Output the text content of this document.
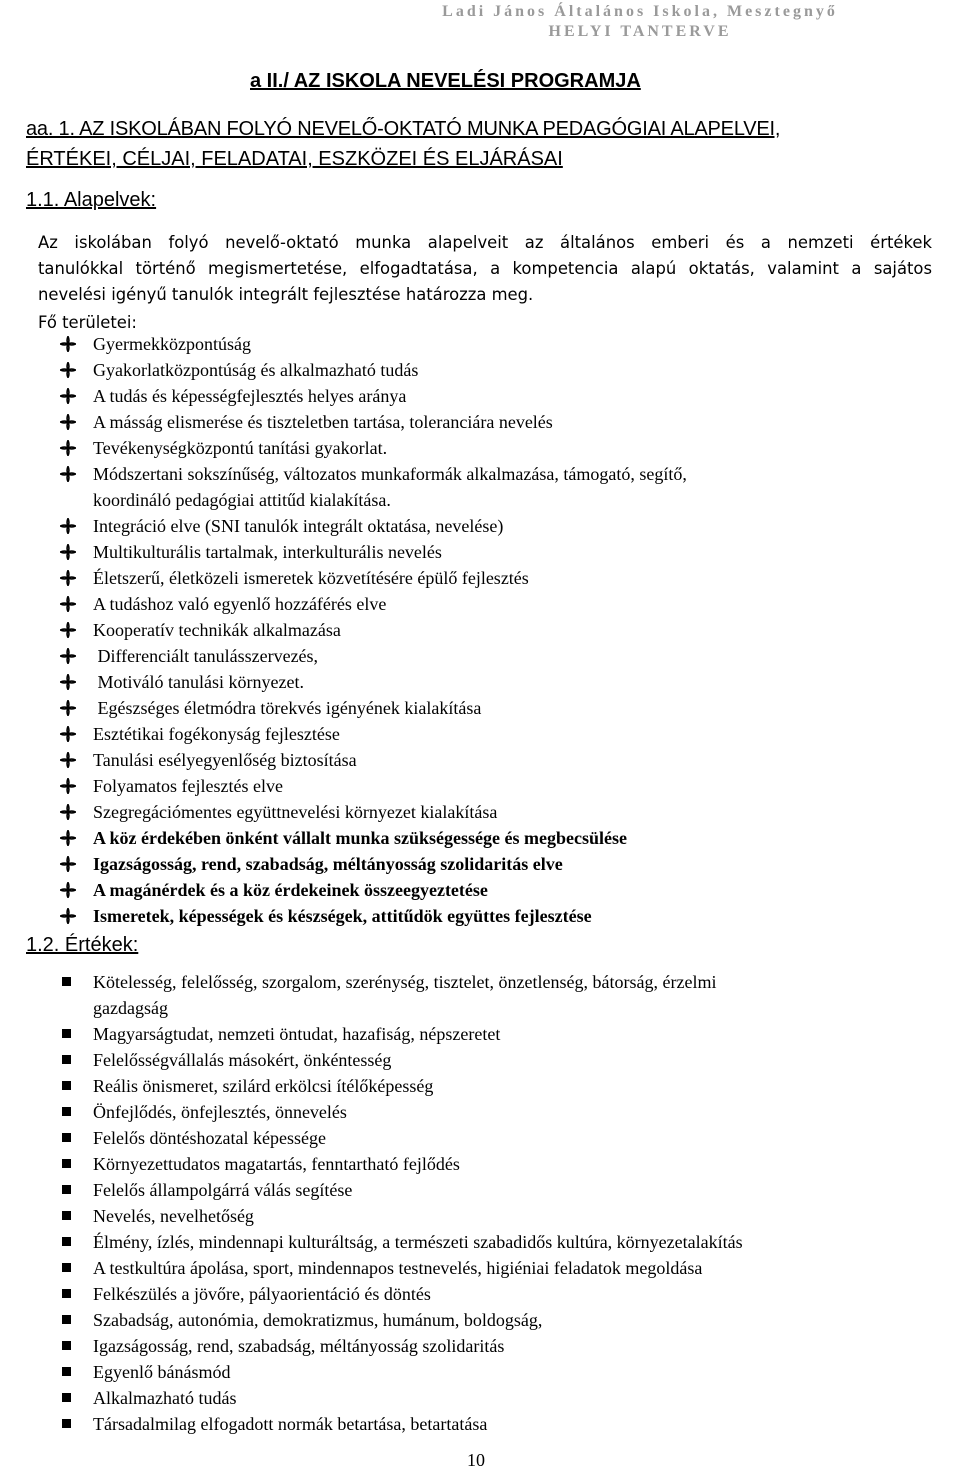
Ladi János Általános Iskola, Mesztegnyő
HELYI TANTERVE
a II./ AZ ISKOLA NEVELÉSI PROGRAMJA
aa. 1. AZ ISKOLÁBAN FOLYÓ NEVELŐ-OKTATÓ MUNKA PEDAGÓGIAI ALAPELVEI,
ÉRTÉKEI, CÉLJAI, FELADATAI, ESZKÖZEI ÉS ELJÁRÁSAI
1.1. Alapelvek:
Az iskolában folyó nevelő-oktató munka alapelveit az általános emberi és a nemzeti értékek
tanulókkal történő megismertetése, elfogadtatása, a kompetencia alapú oktatás, valamint a sajátos
nevelési igényű tanulók integrált fejlesztése határozza meg.
Fő területei:
Gyermekközpontúság
Gyakorlatközpontúság és alkalmazható tudás
A tudás és képességfejlesztés helyes aránya
A másság elismerése és tiszteletben tartása, toleranciára nevelés
Tevékenységközpontú tanítási gyakorlat.
Módszertani sokszínűség, változatos munkaformák alkalmazása, támogató, segítő,
koordináló pedagógiai attitűd kialakítása.
Integráció elve (SNI tanulók integrált oktatása, nevelése)
Multikulturális tartalmak, interkulturális nevelés
Életszerű, életközeli ismeretek közvetítésére épülő fejlesztés
A tudáshoz való egyenlő hozzáférés elve
Kooperatív technikák alkalmazása
Differenciált tanulásszervezés,
Motiváló tanulási környezet.
Egészséges életmódra törekvés igényének kialakítása
Esztétikai fogékonyság fejlesztése
Tanulási esélyegyenlőség biztosítása
Folyamatos fejlesztés elve
Szegregációmentes együttnevelési környezet kialakítása
A köz érdekében önként vállalt munka szükségessége és megbecsülése
Igazságosság, rend, szabadság, méltányosság szolidaritás elve
A magánérdek és a köz érdekeinek összeegyeztetése
Ismeretek, képességek és készségek, attitűdök együttes fejlesztése
1.2. Értékek:
Kötelesség, felelősség, szorgalom, szerénység, tisztelet, önzetlenség, bátorság, érzelmi
gazdagság
Magyarságtudat, nemzeti öntudat, hazafiság, népszeretet
Felelősségvállalás másokért, önkéntesség
Reális önismeret, szilárd erkölcsi ítélőképesség
Önfejlődés, önfejlesztés, önnevelés
Felelős döntéshozatal képessége
Környezettudatos magatartás, fenntartható fejlődés
Felelős állampolgárrá válás segítése
Nevelés, nevelhetőség
Élmény, ízlés, mindennapi kulturáltság, a természeti szabadidős kultúra, környezetalakítás
A testkultúra ápolása, sport, mindennapos testnevelés, higiéniai feladatok megoldása
Felkészülés a jövőre, pályaorientáció és döntés
Szabadság, autonómia, demokratizmus, humánum, boldogság,
Igazságosság, rend, szabadság, méltányosság szolidaritás
Egyenlő bánásmód
Alkalmazható tudás
Társadalmilag elfogadott normák betartása, betartatása
10
